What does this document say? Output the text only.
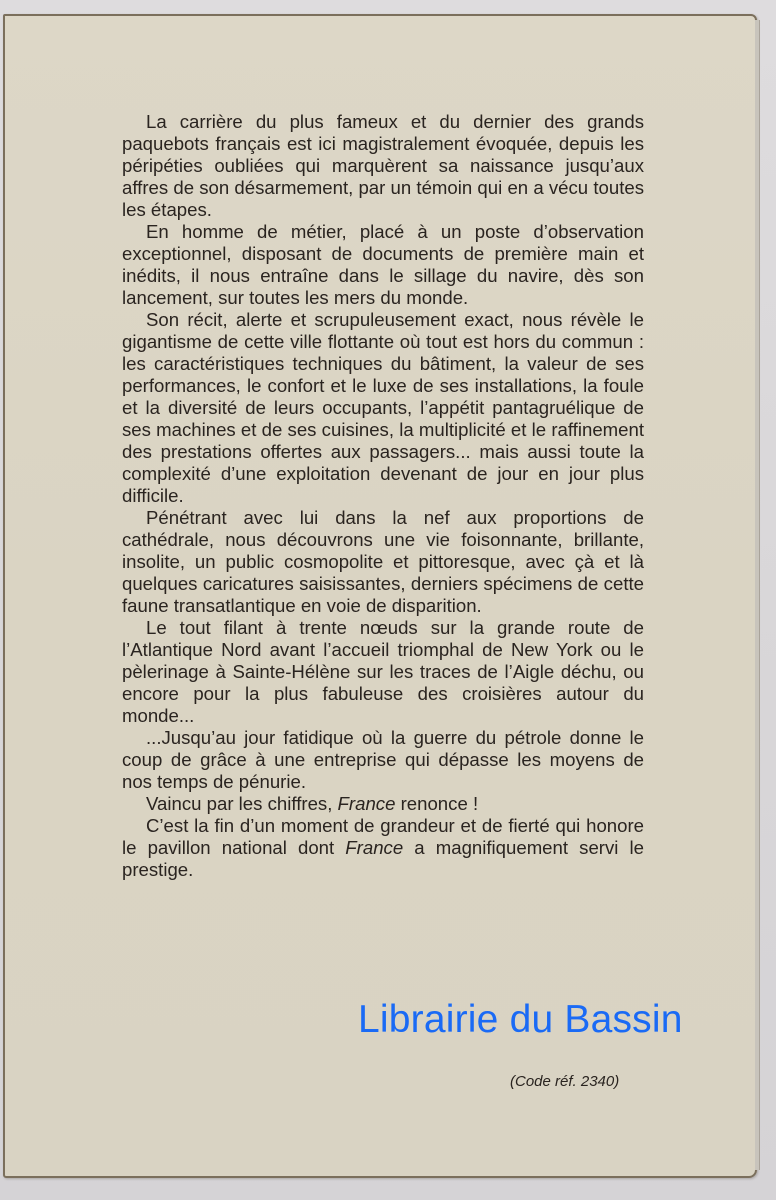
La carrière du plus fameux et du dernier des grands paquebots français est ici magistralement évoquée, depuis les péripéties oubliées qui marquèrent sa naissance jusqu’aux affres de son désarmement, par un témoin qui en a vécu toutes les étapes.

En homme de métier, placé à un poste d’observation exceptionnel, disposant de documents de première main et inédits, il nous entraîne dans le sillage du navire, dès son lancement, sur toutes les mers du monde.

Son récit, alerte et scrupuleusement exact, nous révèle le gigantisme de cette ville flottante où tout est hors du commun : les caractéristiques techniques du bâtiment, la valeur de ses performances, le confort et le luxe de ses installations, la foule et la diversité de leurs occupants, l’appétit pantagruélique de ses machines et de ses cuisines, la multiplicité et le raffinement des prestations offertes aux passagers... mais aussi toute la complexité d’une exploitation devenant de jour en jour plus difficile.

Pénétrant avec lui dans la nef aux proportions de cathédrale, nous découvrons une vie foisonnante, brillante, insolite, un public cosmopolite et pittoresque, avec çà et là quelques caricatures saisissantes, derniers spécimens de cette faune transatlantique en voie de disparition.

Le tout filant à trente nœuds sur la grande route de l’Atlantique Nord avant l’accueil triomphal de New York ou le pèlerinage à Sainte-Hélène sur les traces de l’Aigle déchu, ou encore pour la plus fabuleuse des croisières autour du monde...

...Jusqu’au jour fatidique où la guerre du pétrole donne le coup de grâce à une entreprise qui dépasse les moyens de nos temps de pénurie.

Vaincu par les chiffres, France renonce !

C’est la fin d’un moment de grandeur et de fierté qui honore le pavillon national dont France a magnifiquement servi le prestige.

Librairie du Bassin
(Code réf. 2340)
